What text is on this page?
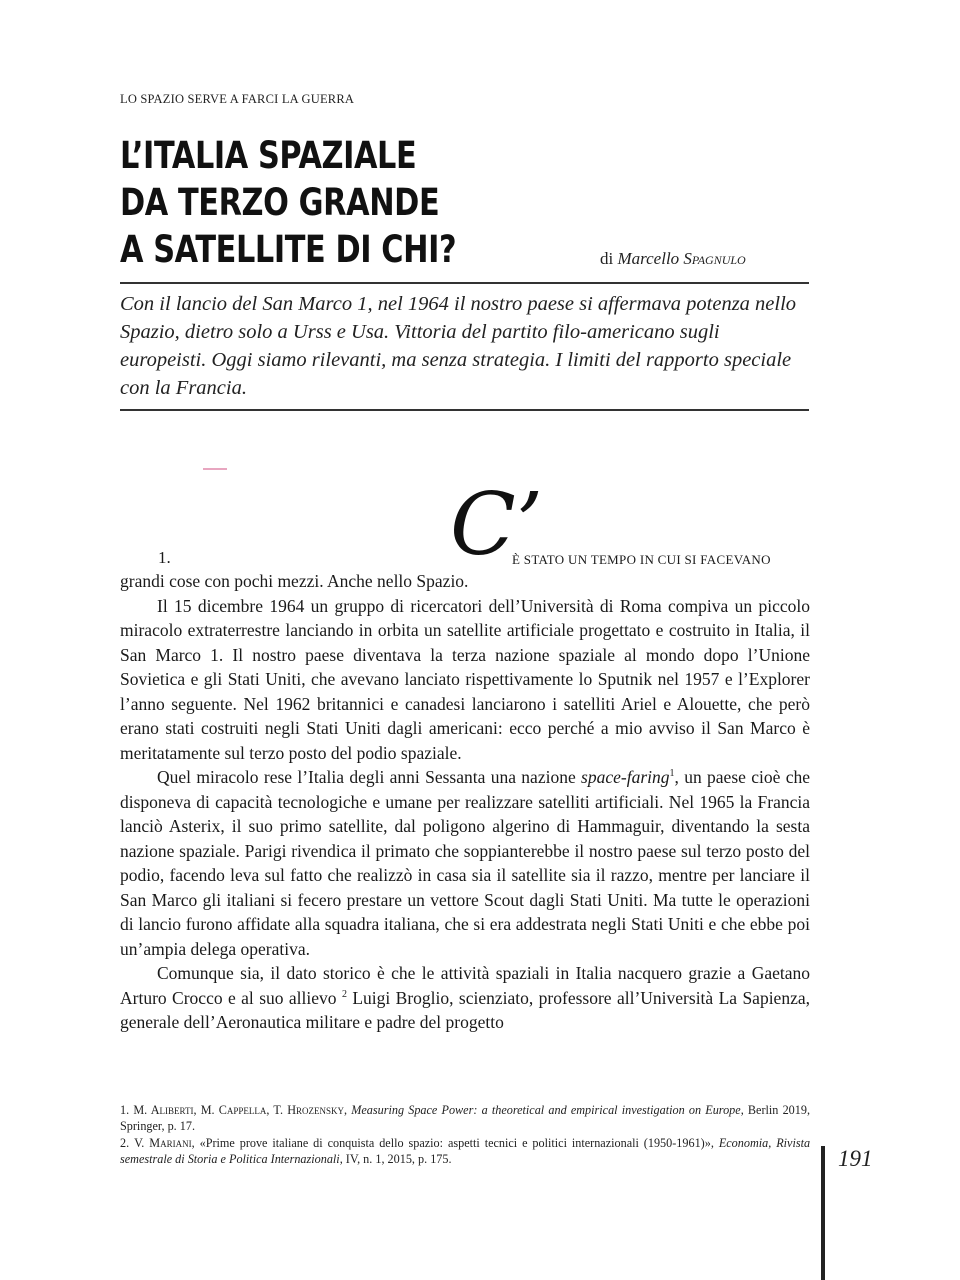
LO SPAZIO SERVE A FARCI LA GUERRA
L’ITALIA SPAZIALE
DA TERZO GRANDE
A SATELLITE DI CHI?	di Marcello Spagnulo
Con il lancio del San Marco 1, nel 1964 il nostro paese si affermava potenza nello Spazio, dietro solo a Urss e Usa. Vittoria del partito filo-americano sugli europeisti. Oggi siamo rilevanti, ma senza strategia. I limiti del rapporto speciale con la Francia.
1.	C’
È STATO UN TEMPO IN CUI SI FACEVANO

grandi cose con pochi mezzi. Anche nello Spazio.

Il 15 dicembre 1964 un gruppo di ricercatori dell’Università di Roma compiva un piccolo miracolo extraterrestre lanciando in orbita un satellite artificiale progettato e costruito in Italia, il San Marco 1. Il nostro paese diventava la terza nazione spaziale al mondo dopo l’Unione Sovietica e gli Stati Uniti, che avevano lanciato rispettivamente lo Sputnik nel 1957 e l’Explorer l’anno seguente. Nel 1962 britannici e canadesi lanciarono i satelliti Ariel e Alouette, che però erano stati costruiti negli Stati Uniti dagli americani: ecco perché a mio avviso il San Marco è meritatamente sul terzo posto del podio spaziale.

Quel miracolo rese l’Italia degli anni Sessanta una nazione space-faring$^1$, un paese cioè che disponeva di capacità tecnologiche e umane per realizzare satelliti artificiali. Nel 1965 la Francia lanciò Asterix, il suo primo satellite, dal poligono algerino di Hammaguir, diventando la sesta nazione spaziale. Parigi rivendica il primato che soppianterebbe il nostro paese sul terzo posto del podio, facendo leva sul fatto che realizzò in casa sia il satellite sia il razzo, mentre per lanciare il San Marco gli italiani si fecero prestare un vettore Scout dagli Stati Uniti. Ma tutte le operazioni di lancio furono affidate alla squadra italiana, che si era addestrata negli Stati Uniti e che ebbe poi un’ampia delega operativa.

Comunque sia, il dato storico è che le attività spaziali in Italia nacquero grazie a Gaetano Arturo Crocco e al suo allievo $^2$ Luigi Broglio, scienziato, professore all’Università La Sapienza, generale dell’Aeronautica militare e padre del progetto

1. M. Aliberti, M. Cappella, T. Hrozensky, Measuring Space Power: a theoretical and empirical investigation on Europe, Berlin 2019, Springer, p. 17.

2. V. Mariani, «Prime prove italiane di conquista dello spazio: aspetti tecnici e politici internazionali (1950-1961)», Economia, Rivista semestrale di Storia e Politica Internazionali, IV, n. 1, 2015, p. 175.	191
